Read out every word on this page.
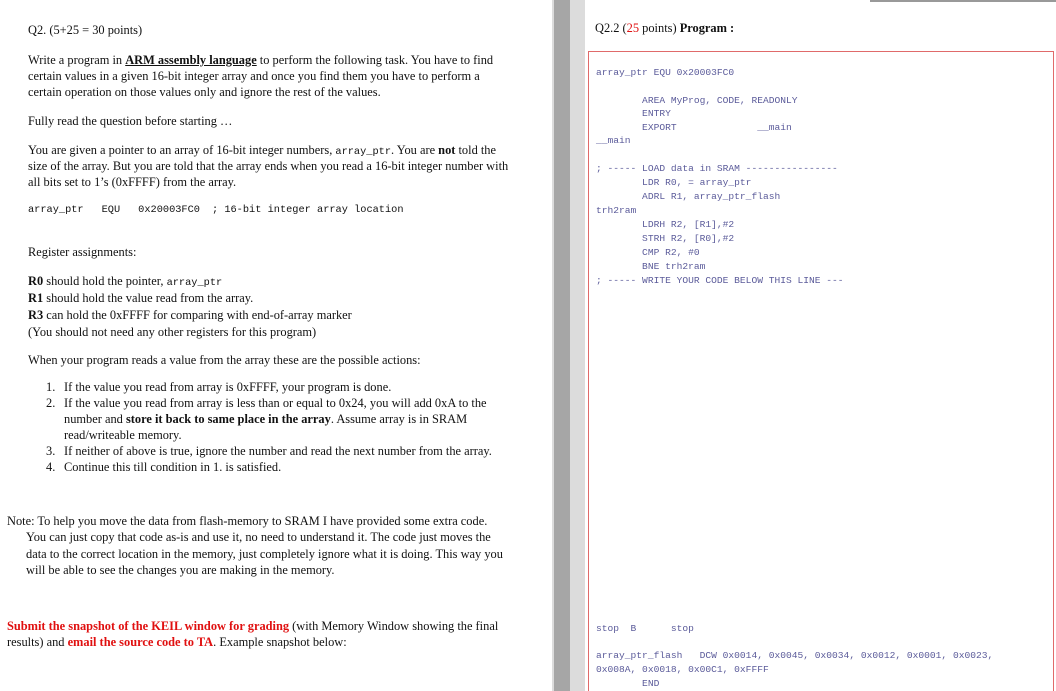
Q2. (5+25 = 30 points)
Write a program in ARM assembly language to perform the following task. You have to find
certain values in a given 16-bit integer array and once you find them you have to perform a
certain operation on those values only and ignore the rest of the values.
Fully read the question before starting …
You are given a pointer to an array of 16-bit integer numbers, array_ptr. You are not told the
size of the array. But you are told that the array ends when you read a 16-bit integer number with
all bits set to 1’s (0xFFFF) from the array.
array_ptr EQU 0x20003FC0 ; 16-bit integer array location
Register assignments:
R0 should hold the pointer, array_ptr
R1 should hold the value read from the array.
R3 can hold the 0xFFFF for comparing with end-of-array marker
(You should not need any other registers for this program)
When your program reads a value from the array these are the possible actions:
1. If the value you read from array is 0xFFFF, your program is done.
2. If the value you read from array is less than or equal to 0x24, you will add 0xA to the
number and store it back to same place in the array. Assume array is in SRAM
read/writeable memory.
3. If neither of above is true, ignore the number and read the next number from the array.
4. Continue this till condition in 1. is satisfied.
Note: To help you move the data from flash-memory to SRAM I have provided some extra code.
You can just copy that code as-is and use it, no need to understand it. The code just moves the
data to the correct location in the memory, just completely ignore what it is doing. This way you
will be able to see the changes you are making in the memory.
Submit the snapshot of the KEIL window for grading (with Memory Window showing the final
results) and email the source code to TA. Example snapshot below:
Q2.2 (25 points) Program :
array_ptr EQU 0x20003FC0
AREA MyProg, CODE, READONLY
ENTRY
EXPORT              __main
__main
; ----- LOAD data in SRAM ----------------
LDR R0, = array_ptr
ADRL R1, array_ptr_flash
trh2ram
LDRH R2, [R1],#2
STRH R2, [R0],#2
CMP R2, #0
BNE trh2ram
; ----- WRITE YOUR CODE BELOW THIS LINE ---
stop  B      stop
array_ptr_flash   DCW 0x0014, 0x0045, 0x0034, 0x0012, 0x0001, 0x0023,
0x008A, 0x0018, 0x00C1, 0xFFFF
END
